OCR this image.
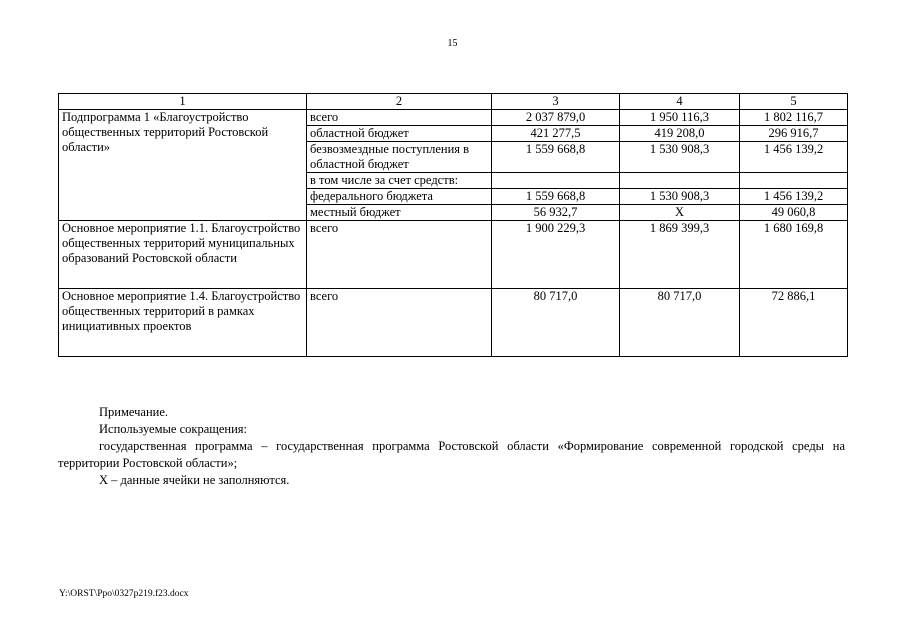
15
1	2	3	4	5
Подпрограмма 1 «Благоустройство общественных территорий Ростовской области»	всего	2 037 879,0	1 950 116,3	1 802 116,7
	областной бюджет	421 277,5	419 208,0	296 916,7
	безвозмездные поступления в областной бюджет	1 559 668,8	1 530 908,3	1 456 139,2
	в том числе за счет средств:			
	федерального бюджета	1 559 668,8	1 530 908,3	1 456 139,2
	местный бюджет	56 932,7	Х	49 060,8
Основное мероприятие 1.1. Благоустройство общественных территорий муниципальных образований Ростовской области	всего	1 900 229,3	1 869 399,3	1 680 169,8
Основное мероприятие 1.4. Благоустройство общественных территорий в рамках инициативных проектов	всего	80 717,0	80 717,0	72 886,1

Примечание.

Используемые сокращения:

государственная программа – государственная программа Ростовской области «Формирование современной городской среды на территории Ростовской области»;

Х – данные ячейки не заполняются.

Y:\ORST\Ppo\0327p219.f23.docx
